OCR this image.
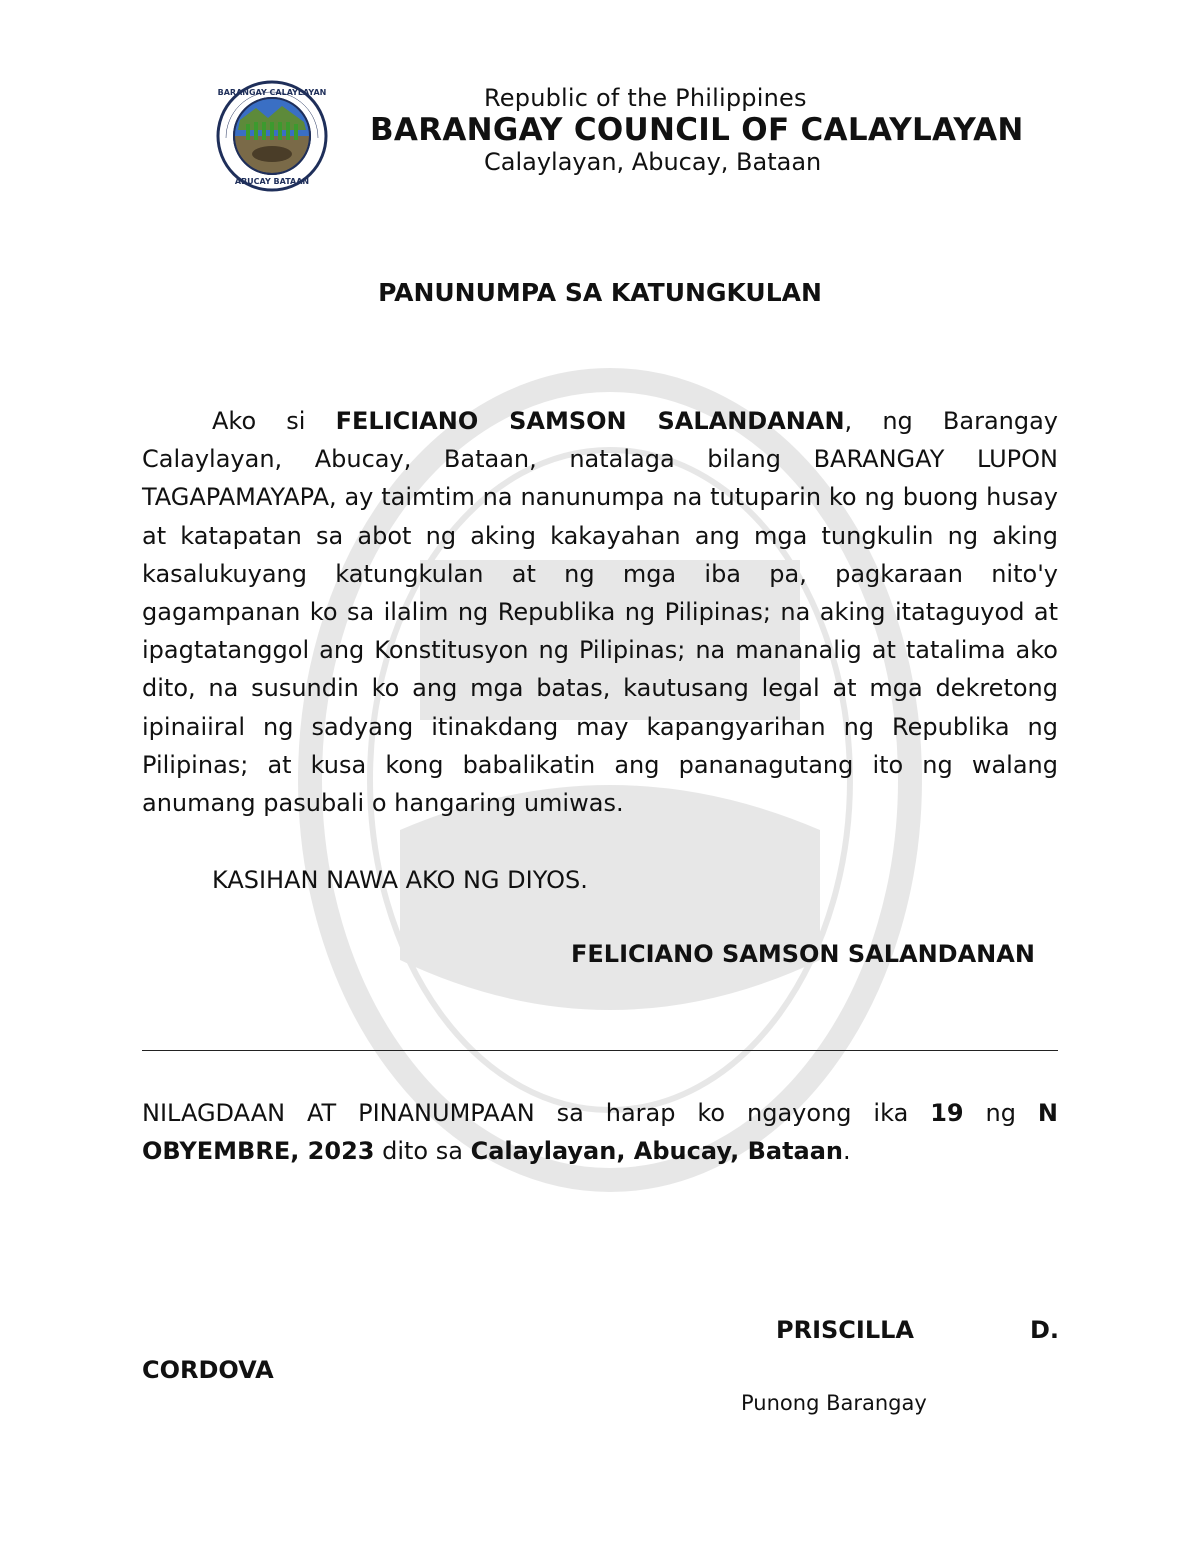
BARANGAY CALAYLAYAN
ABUCAY BATAAN
Republic of the Philippines
BARANGAY COUNCIL OF CALAYLAYAN
Calaylayan, Abucay, Bataan
PANUNUMPA SA KATUNGKULAN

Ako si FELICIANO SAMSON SALANDANAN, ng Barangay Calaylayan, Abucay, Bataan, natalaga bilang BARANGAY LUPON TAGAPAMAYAPA, ay taimtim na nanunumpa na tutuparin ko ng buong husay at katapatan sa abot ng aking kakayahan ang mga tungkulin ng aking kasalukuyang katungkulan at ng mga iba pa, pagkaraan nito'y gagampanan ko sa ilalim ng Republika ng Pilipinas; na aking itataguyod at ipagtatanggol ang Konstitusyon ng Pilipinas; na mananalig at tatalima ako dito, na susundin ko ang mga batas, kautusang legal at mga dekretong ipinaiiral ng sadyang itinakdang may kapangyarihan ng Republika ng Pilipinas; at kusa kong babalikatin ang pananagutang ito ng walang anumang pasubali o hangaring umiwas.

KASIHAN NAWA AKO NG DIYOS.
FELICIANO SAMSON SALANDANAN

NILAGDAAN AT PINANUMPAAN sa harap ko ngayong ika 19 ng N OBYEMBRE, 2023 dito sa Calaylayan, Abucay, Bataan.

PRISCILLA	D.
CORDOVA
Punong Barangay
